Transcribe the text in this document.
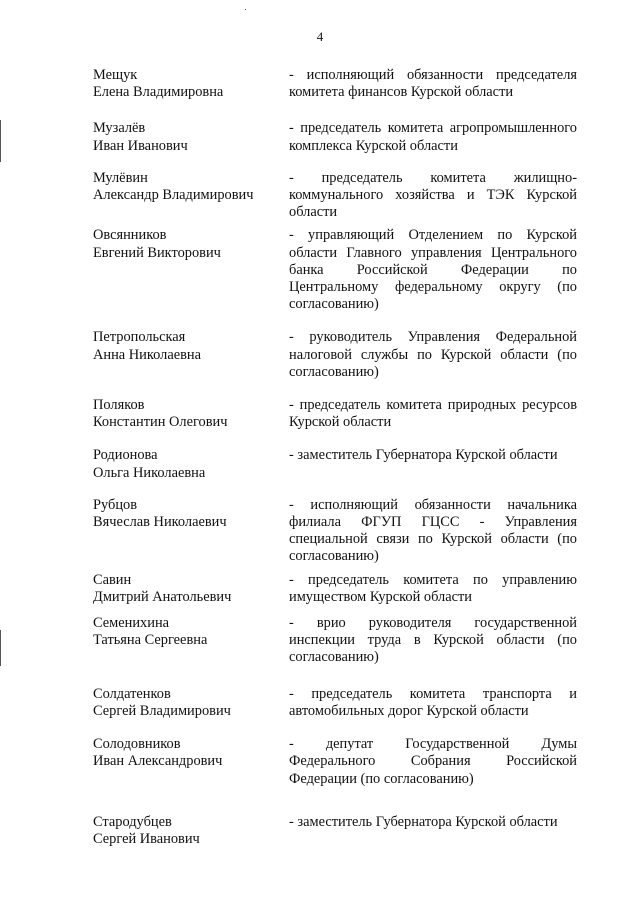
4
Мещук
Елена Владимировна
- исполняющий обязанности председателя комитета финансов Курской области
Музалёв
Иван Иванович
- председатель комитета агропромышленного комплекса Курской области
Мулёвин
Александр Владимирович
- председатель комитета жилищно-коммунального хозяйства и ТЭК Курской области
Овсянников
Евгений Викторович
- управляющий Отделением по Курской области Главного управления Центрального банка Российской Федерации по Центральному федеральному округу (по согласованию)
Петропольская
Анна Николаевна
- руководитель Управления Федеральной налоговой службы по Курской области (по согласованию)
Поляков
Константин Олегович
- председатель комитета природных ресурсов Курской области
Родионова
Ольга Николаевна
- заместитель Губернатора Курской области
Рубцов
Вячеслав Николаевич
- исполняющий обязанности начальника филиала ФГУП ГЦСС - Управления специальной связи по Курской области (по согласованию)
Савин
Дмитрий Анатольевич
- председатель комитета по управлению имуществом Курской области
Семенихина
Татьяна Сергеевна
- врио руководителя государственной инспекции труда в Курской области (по согласованию)
Солдатенков
Сергей Владимирович
- председатель комитета транспорта и автомобильных дорог Курской области
Солодовников
Иван Александрович
- депутат Государственной Думы Федерального Собрания Российской Федерации (по согласованию)
Стародубцев
Сергей Иванович
- заместитель Губернатора Курской области
